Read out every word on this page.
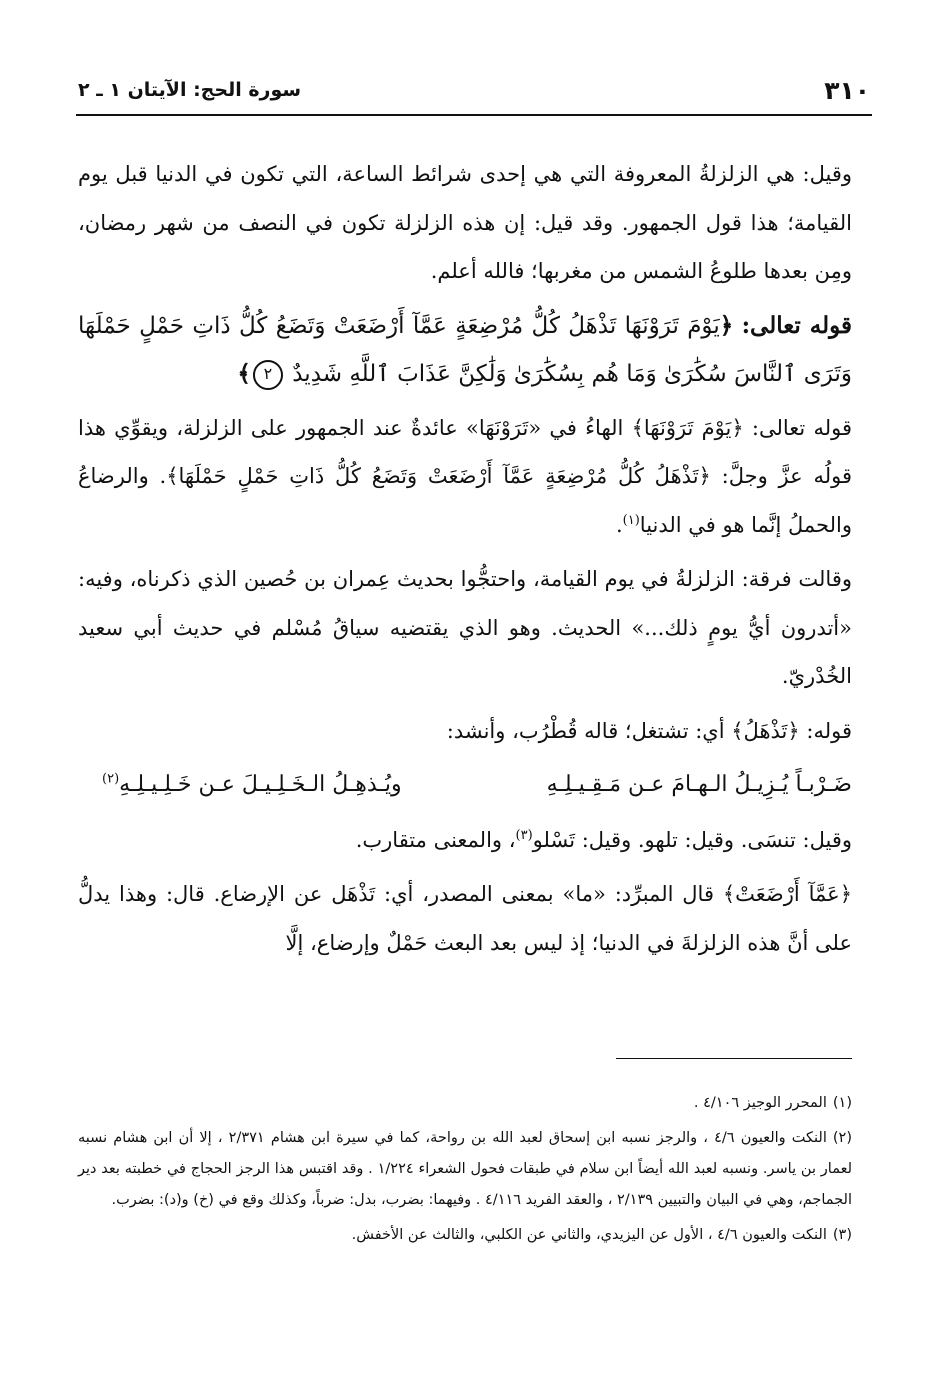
٣١٠
سورة الحج: الآيتان ١ ـ ٢

وقيل: هي الزلزلةُ المعروفة التي هي إحدى شرائط الساعة، التي تكون في الدنيا قبل يوم القيامة؛ هذا قول الجمهور. وقد قيل: إن هذه الزلزلة تكون في النصف من شهر رمضان، ومِن بعدها طلوعُ الشمس من مغربها؛ فالله أعلم.

قوله تعالى: ﴿يَوْمَ تَرَوْنَهَا تَذْهَلُ كُلُّ مُرْضِعَةٍ عَمَّآ أَرْضَعَتْ وَتَضَعُ كُلُّ ذَاتِ حَمْلٍ حَمْلَهَا وَتَرَى ٱلنَّاسَ سُكَٰرَىٰ وَمَا هُم بِسُكَٰرَىٰ وَلَٰكِنَّ عَذَابَ ٱللَّهِ شَدِيدٌ ٢﴾

قوله تعالى: ﴿يَوْمَ تَرَوْنَهَا﴾ الهاءُ في «تَرَوْنَهَا» عائدةٌ عند الجمهور على الزلزلة، ويقوِّي هذا قولُه عزَّ وجلَّ: ﴿تَذْهَلُ كُلُّ مُرْضِعَةٍ عَمَّآ أَرْضَعَتْ وَتَضَعُ كُلُّ ذَاتِ حَمْلٍ حَمْلَهَا﴾. والرضاعُ والحملُ إنَّما هو في الدنيا$^{(١)}$.

وقالت فرقة: الزلزلةُ في يوم القيامة، واحتجُّوا بحديث عِمران بن حُصين الذي ذكرناه، وفيه: «أتدرون أيُّ يومٍ ذلك...» الحديث. وهو الذي يقتضيه سياقُ مُسْلم في حديث أبي سعيد الخُدْريّ.

قوله: ﴿تَذْهَلُ﴾ أي: تشتغل؛ قاله قُطْرُب، وأنشد:

ضَـرْبـاً يُـزِيـلُ الـهـامَ عـن مَـقِـيـلِـهِ
ويُـذهِـلُ الـخَـلِـيـلَ عـن خَـلِـيـلِـهِ$^{(٢)}$

وقيل: تنسَى. وقيل: تلهو. وقيل: تَسْلو$^{(٣)}$، والمعنى متقارب.

﴿عَمَّآ أَرْضَعَتْ﴾ قال المبرِّد: «ما» بمعنى المصدر، أي: تَذْهَل عن الإرضاع. قال: وهذا يدلُّ على أنَّ هذه الزلزلةَ في الدنيا؛ إذ ليس بعد البعث حَمْلٌ وإرضاع، إلَّا

(١)المحرر الوجيز ٤/١٠٦ .
(٢)النكت والعيون ٤/٦ ، والرجز نسبه ابن إسحاق لعبد الله بن رواحة، كما في سيرة ابن هشام ٢/٣٧١ ، إلا أن ابن هشام نسبه لعمار بن ياسر. ونسبه لعبد الله أيضاً ابن سلام في طبقات فحول الشعراء ١/٢٢٤ . وقد اقتبس هذا الرجز الحجاج في خطبته بعد دير الجماجم، وهي في البيان والتبيين ٢/١٣٩ ، والعقد الفريد ٤/١١٦ . وفيهما: بضرب، بدل: ضرباً، وكذلك وقع في (خ) و(د): بضرب.
(٣)النكت والعيون ٤/٦ ، الأول عن اليزيدي، والثاني عن الكلبي، والثالث عن الأخفش.
